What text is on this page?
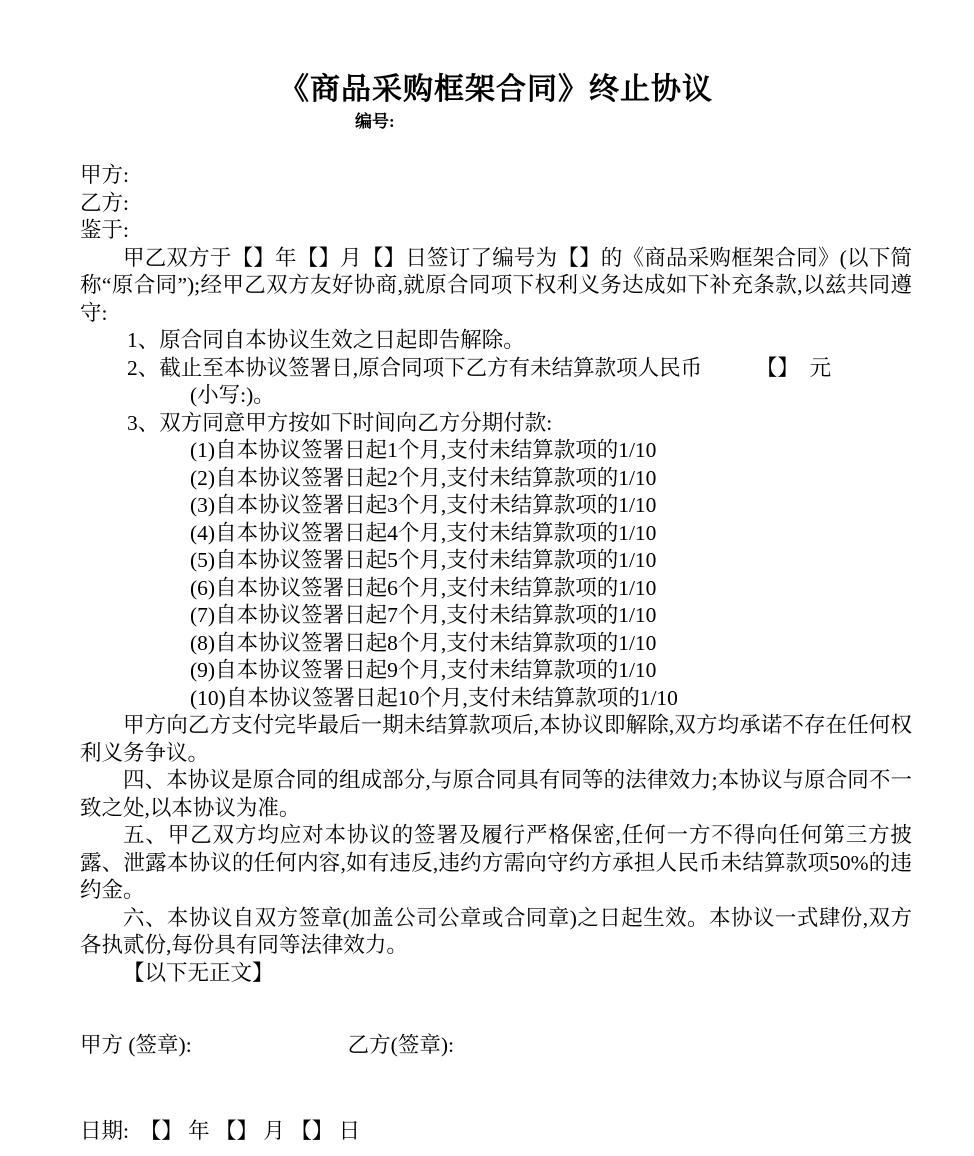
《商品采购框架合同》终止协议
编号:
甲方:
乙方:
鉴于:
甲乙双方于【】年【】月【】日签订了编号为【】的《商品采购框架合同》(以下简称“原合同”);经甲乙双方友好协商,就原合同项下权利义务达成如下补充条款,以兹共同遵守:
1、原合同自本协议生效之日起即告解除。
2、截止至本协议签署日,原合同项下乙方有未结算款项人民币　　　【】　元
(小写:)。
3、双方同意甲方按如下时间向乙方分期付款:
(1)自本协议签署日起1个月,支付未结算款项的1/10
(2)自本协议签署日起2个月,支付未结算款项的1/10
(3)自本协议签署日起3个月,支付未结算款项的1/10
(4)自本协议签署日起4个月,支付未结算款项的1/10
(5)自本协议签署日起5个月,支付未结算款项的1/10
(6)自本协议签署日起6个月,支付未结算款项的1/10
(7)自本协议签署日起7个月,支付未结算款项的1/10
(8)自本协议签署日起8个月,支付未结算款项的1/10
(9)自本协议签署日起9个月,支付未结算款项的1/10
(10)自本协议签署日起10个月,支付未结算款项的1/10
甲方向乙方支付完毕最后一期未结算款项后,本协议即解除,双方均承诺不存在任何权利义务争议。
四、本协议是原合同的组成部分,与原合同具有同等的法律效力;本协议与原合同不一致之处,以本协议为准。
五、甲乙双方均应对本协议的签署及履行严格保密,任何一方不得向任何第三方披露、泄露本协议的任何内容,如有违反,违约方需向守约方承担人民币未结算款项50%的违约金。
六、本协议自双方签章(加盖公司公章或合同章)之日起生效。本协议一式肆份,双方各执贰份,每份具有同等法律效力。
【以下无正文】
甲方 (签章):	乙方(签章):
日期:　【】 年 【】 月 【】 日
